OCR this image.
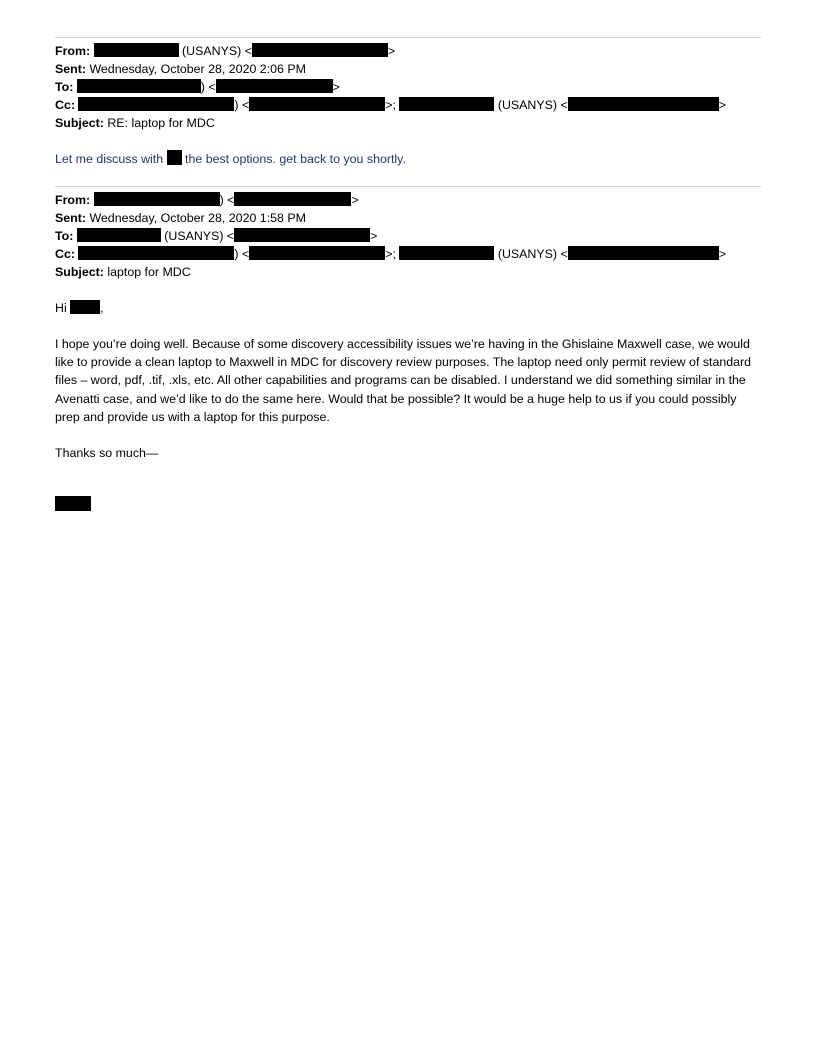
From:	(USANYS) <	>
Sent: Wednesday, October 28, 2020 2:06 PM
To:	) <	>
Cc:	) <	>;	(USANYS) <	>
Subject: RE: laptop for MDC
Let me discuss with the best options. get back to you shortly.
From:	) <	>
Sent: Wednesday, October 28, 2020 1:58 PM
To:	(USANYS) <	>
Cc:	) <	>;	(USANYS) <	>
Subject: laptop for MDC
Hi	,

I hope you’re doing well. Because of some discovery accessibility issues we’re having in the Ghislaine Maxwell case, we would like to provide a clean laptop to Maxwell in MDC for discovery review purposes. The laptop need only permit review of standard files – word, pdf, .tif, .xls, etc. All other capabilities and programs can be disabled. I understand we did something similar in the Avenatti case, and we’d like to do the same here. Would that be possible? It would be a huge help to us if you could possibly prep and provide us with a laptop for this purpose.

Thanks so much—
